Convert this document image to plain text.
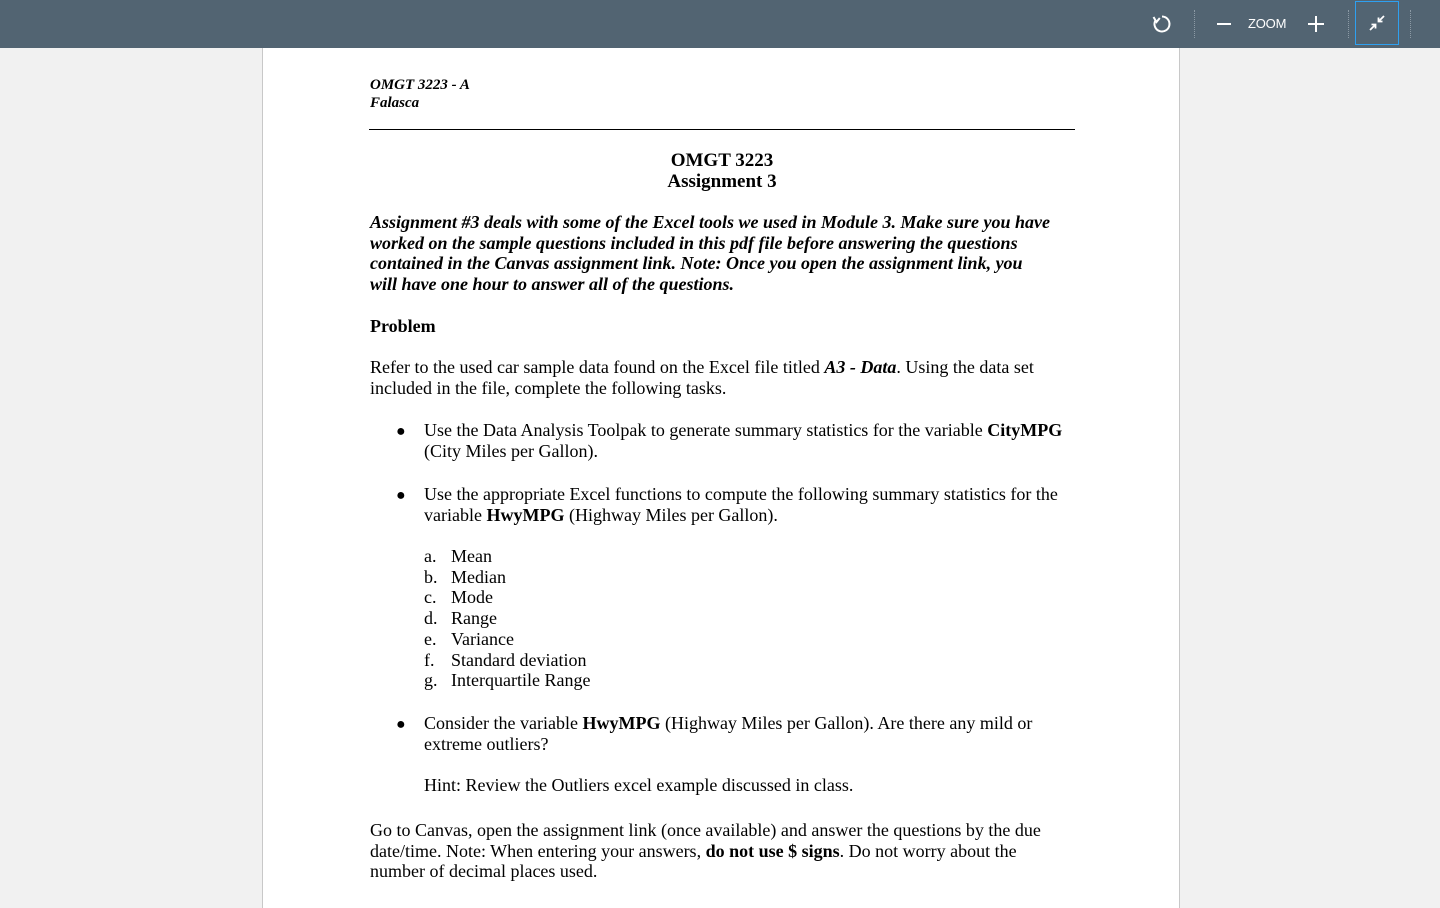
ZOOM
OMGT 3223 - A
Falasca
OMGT 3223
Assignment 3
Assignment #3 deals with some of the Excel tools we used in Module 3. Make sure you have
worked on the sample questions included in this pdf file before answering the questions
contained in the Canvas assignment link. Note: Once you open the assignment link, you
will have one hour to answer all of the questions.
Problem
Refer to the used car sample data found on the Excel file titled A3 - Data. Using the data set
included in the file, complete the following tasks.
● Use the Data Analysis Toolpak to generate summary statistics for the variable CityMPG
(City Miles per Gallon).
● Use the appropriate Excel functions to compute the following summary statistics for the
variable HwyMPG (Highway Miles per Gallon).
a. Mean
b. Median
c. Mode
d. Range
e. Variance
f. Standard deviation
g. Interquartile Range
● Consider the variable HwyMPG (Highway Miles per Gallon). Are there any mild or
extreme outliers?
Hint: Review the Outliers excel example discussed in class.
Go to Canvas, open the assignment link (once available) and answer the questions by the due
date/time. Note: When entering your answers, do not use $ signs. Do not worry about the
number of decimal places used.
